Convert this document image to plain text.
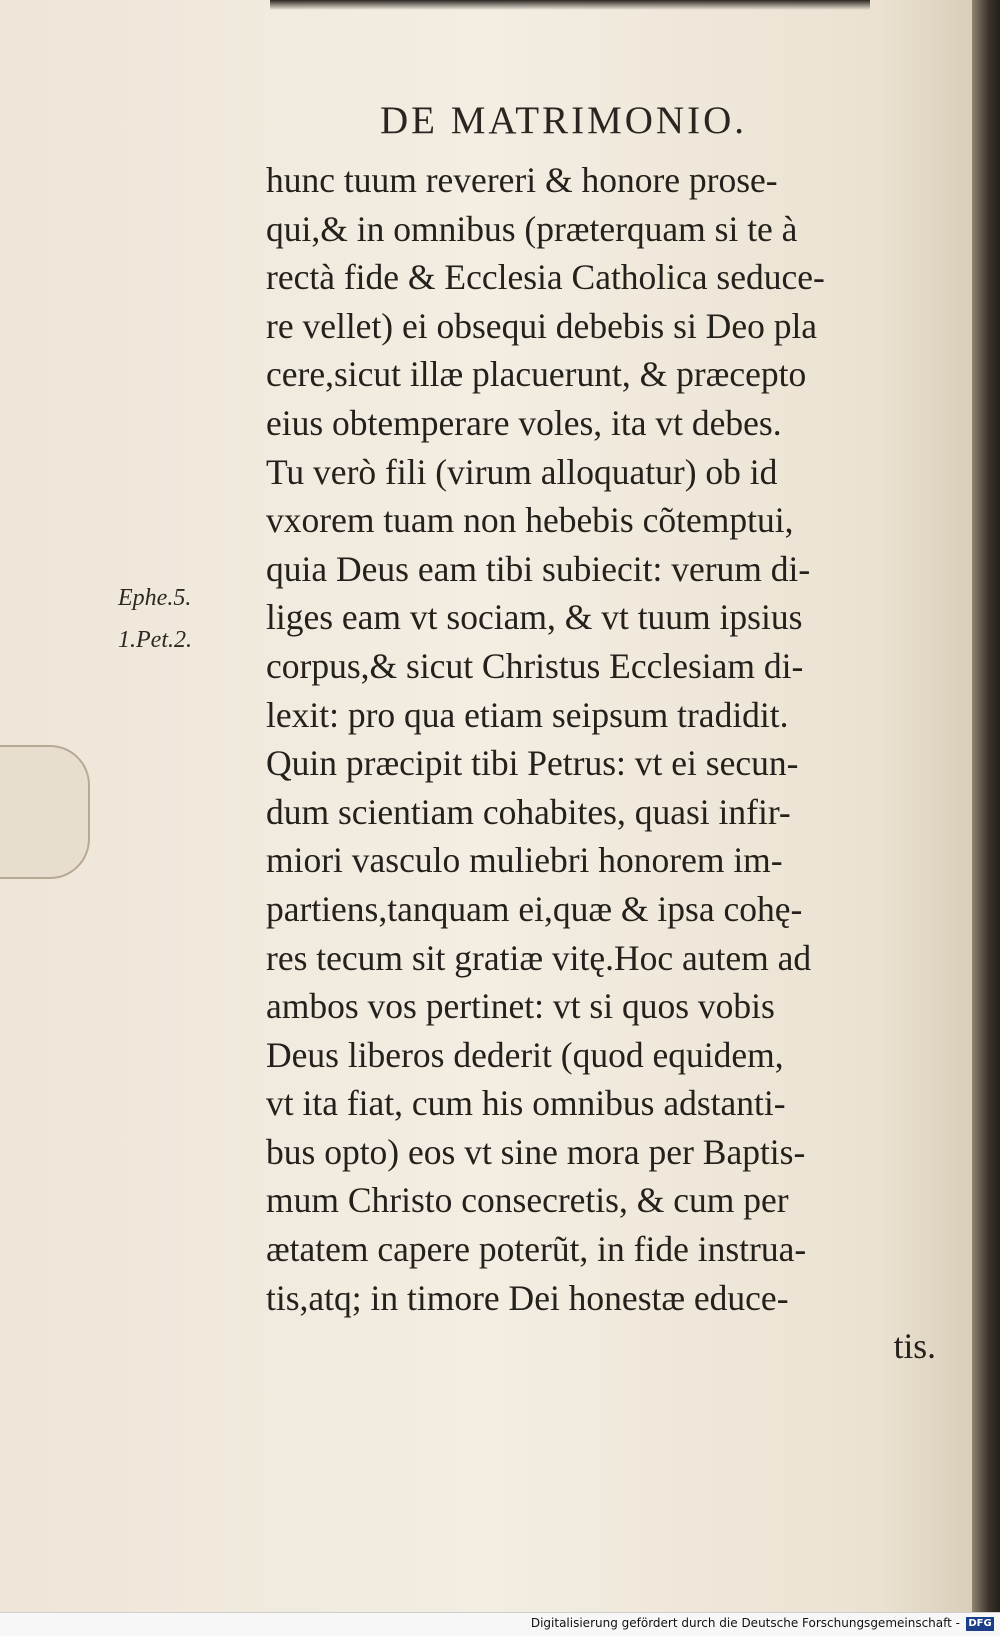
DE MATRIMONIO.
hunc tuum revereri & honore prose-
qui,& in omnibus (præterquam si te à
rectà fide & Ecclesia Catholica seduce-
re vellet) ei obsequi debebis si Deo pla
cere,sicut illæ placuerunt, & præcepto
eius obtemperare voles, ita vt debes.
Tu verò fili (virum alloquatur) ob id
vxorem tuam non hebebis cõtemptui,
quia Deus eam tibi subiecit: verum di-
liges eam vt sociam, & vt tuum ipsius
corpus,& sicut Christus Ecclesiam di-
lexit: pro qua etiam seipsum tradidit.
Quin præcipit tibi Petrus: vt ei secun-
dum scientiam cohabites, quasi infir-
miori vasculo muliebri honorem im-
partiens,tanquam ei,quæ & ipsa cohę-
res tecum sit gratiæ vitę.Hoc autem ad
ambos vos pertinet: vt si quos vobis
Deus liberos dederit (quod equidem,
vt ita fiat, cum his omnibus adstanti-
bus opto) eos vt sine mora per Baptis-
mum Christo consecretis, & cum per
ætatem capere poterũt, in fide instrua-
tis,atq; in timore Dei honestæ educe-
tis.
Ephe.5.
1.Pet.2.
Digitalisierung gefördert durch die Deutsche Forschungsgemeinschaft - DFG
